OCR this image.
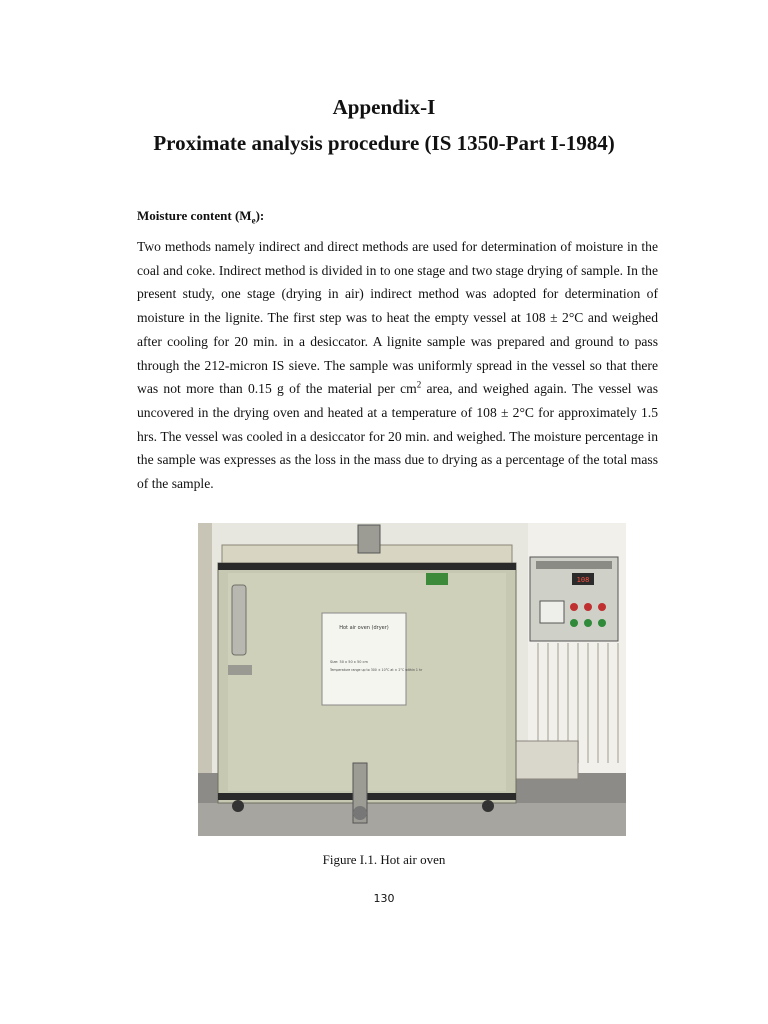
Appendix-I
Proximate analysis procedure (IS 1350-Part I-1984)

Moisture content $(M_e)$:

Two methods namely indirect and direct methods are used for determination of moisture in the coal and coke. Indirect method is divided in to one stage and two stage drying of sample. In the present study, one stage (drying in air) indirect method was adopted for determination of moisture in the lignite. The first step was to heat the empty vessel at 108 ± 2°C and weighed after cooling for 20 min. in a desiccator. A lignite sample was prepared and ground to pass through the 212-micron IS sieve. The sample was uniformly spread in the vessel so that there was not more than 0.15 g of the material per $cm^2$ area, and weighed again. The vessel was uncovered in the drying oven and heated at a temperature of 108 ± 2°C for approximately 1.5 hrs. The vessel was cooled in a desiccator for 20 min. and weighed. The moisture percentage in the sample was expresses as the loss in the mass due to drying as a percentage of the total mass of the sample.

Hot air oven (dryer)
Size: 50 x 50 x 50 cm
Temperature range up to 300 ± 10°C at ± 2°C within 1 hr
108

Figure I.1. Hot air oven

130
